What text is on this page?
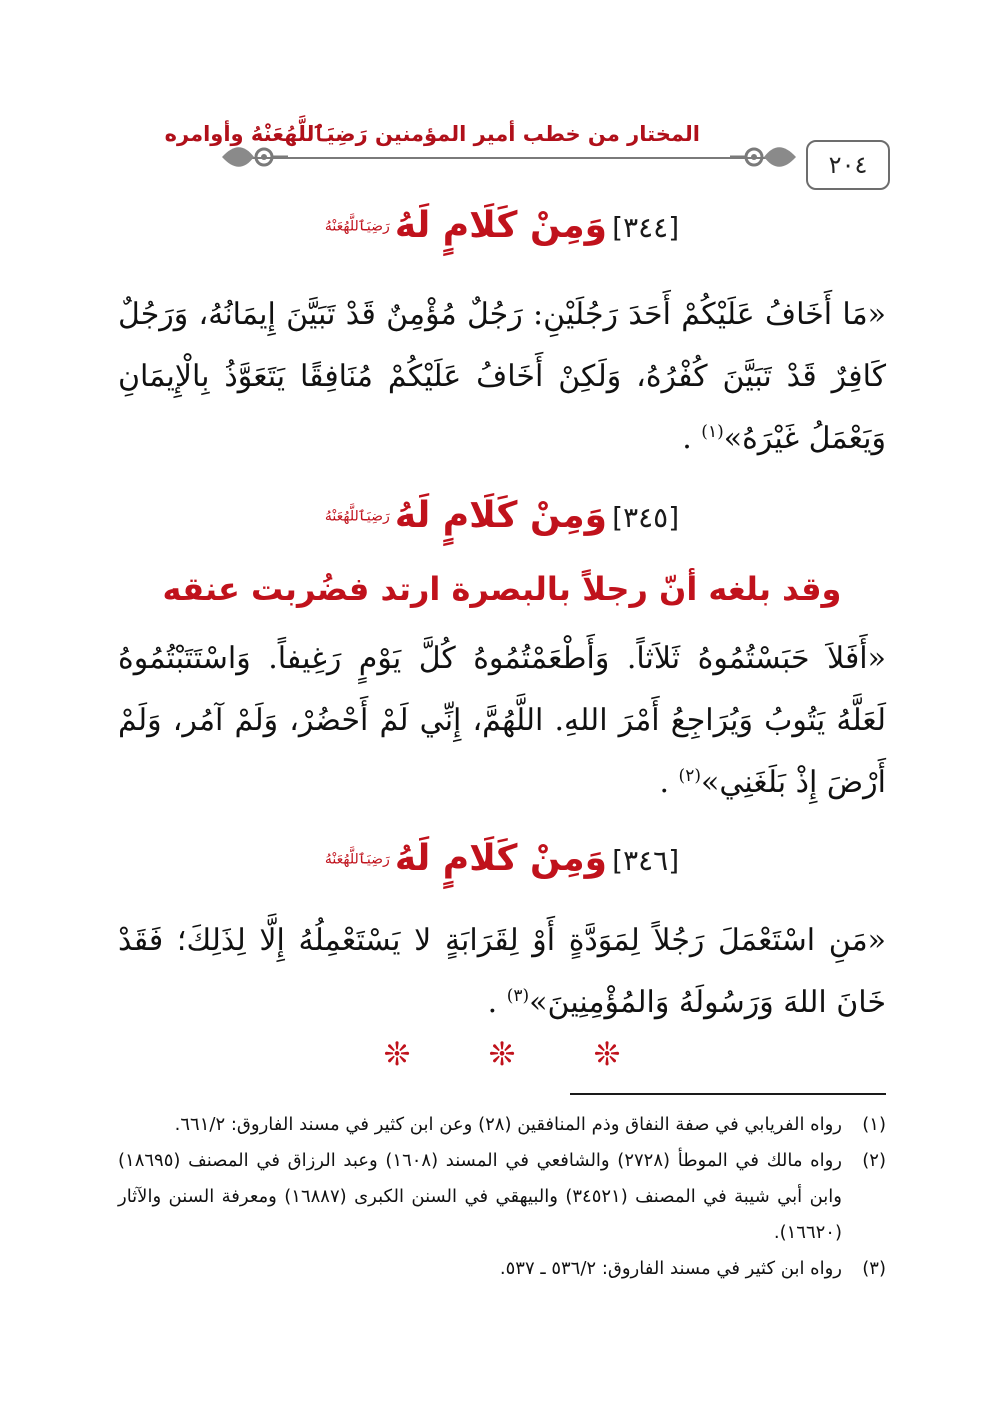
٢٠٤
المختار من خطب أمير المؤمنين رَضِيَٱللَّهُعَنْهُ وأوامره
[٣٤٤] وَمِنْ كَلَامٍ لَهُ رَضِيَٱللَّهُعَنْهُ
«مَا أَخَافُ عَلَيْكُمْ أَحَدَ رَجُلَيْنِ: رَجُلٌ مُؤْمِنٌ قَدْ تَبَيَّنَ إِيمَانُهُ، وَرَجُلٌ كَافِرٌ قَدْ تَبَيَّنَ كُفْرُهُ، وَلَكِنْ أَخَافُ عَلَيْكُمْ مُنَافِقًا يَتَعَوَّذُ بِالْإِيمَانِ وَيَعْمَلُ غَيْرَهُ»$^{(١)}$ .
[٣٤٥] وَمِنْ كَلَامٍ لَهُ رَضِيَٱللَّهُعَنْهُ
وقد بلغه أنّ رجلاً بالبصرة ارتد فضُربت عنقه
«أَفَلاَ حَبَسْتُمُوهُ ثَلاَثاً. وَأَطْعَمْتُمُوهُ كُلَّ يَوْمٍ رَغِيفاً. وَاسْتَتَبْتُمُوهُ لَعَلَّهُ يَتُوبُ وَيُرَاجِعُ أَمْرَ اللهِ. اللَّهُمَّ، إِنِّي لَمْ أَحْضُرْ، وَلَمْ آمُر، وَلَمْ أَرْضَ إِذْ بَلَغَنِي»$^{(٢)}$ .
[٣٤٦] وَمِنْ كَلَامٍ لَهُ رَضِيَٱللَّهُعَنْهُ
«مَنِ اسْتَعْمَلَ رَجُلاً لِمَوَدَّةٍ أَوْ لِقَرَابَةٍ لا يَسْتَعْمِلُهُ إِلَّا لِذَلِكَ؛ فَقَدْ خَانَ اللهَ وَرَسُولَهُ وَالمُؤْمِنِينَ»$^{(٣)}$ .
❊ ❊ ❊
(١)
رواه الفريابي في صفة النفاق وذم المنافقين (٢٨) وعن ابن كثير في مسند الفاروق: ٦٦١/٢.
(٢)
رواه مالك في الموطأ (٢٧٢٨) والشافعي في المسند (١٦٠٨) وعبد الرزاق في المصنف (١٨٦٩٥) وابن أبي شيبة في المصنف (٣٤٥٢١) والبيهقي في السنن الكبرى (١٦٨٨٧) ومعرفة السنن والآثار (١٦٦٢٠).
(٣)
رواه ابن كثير في مسند الفاروق: ٥٣٦/٢ ـ ٥٣٧.
